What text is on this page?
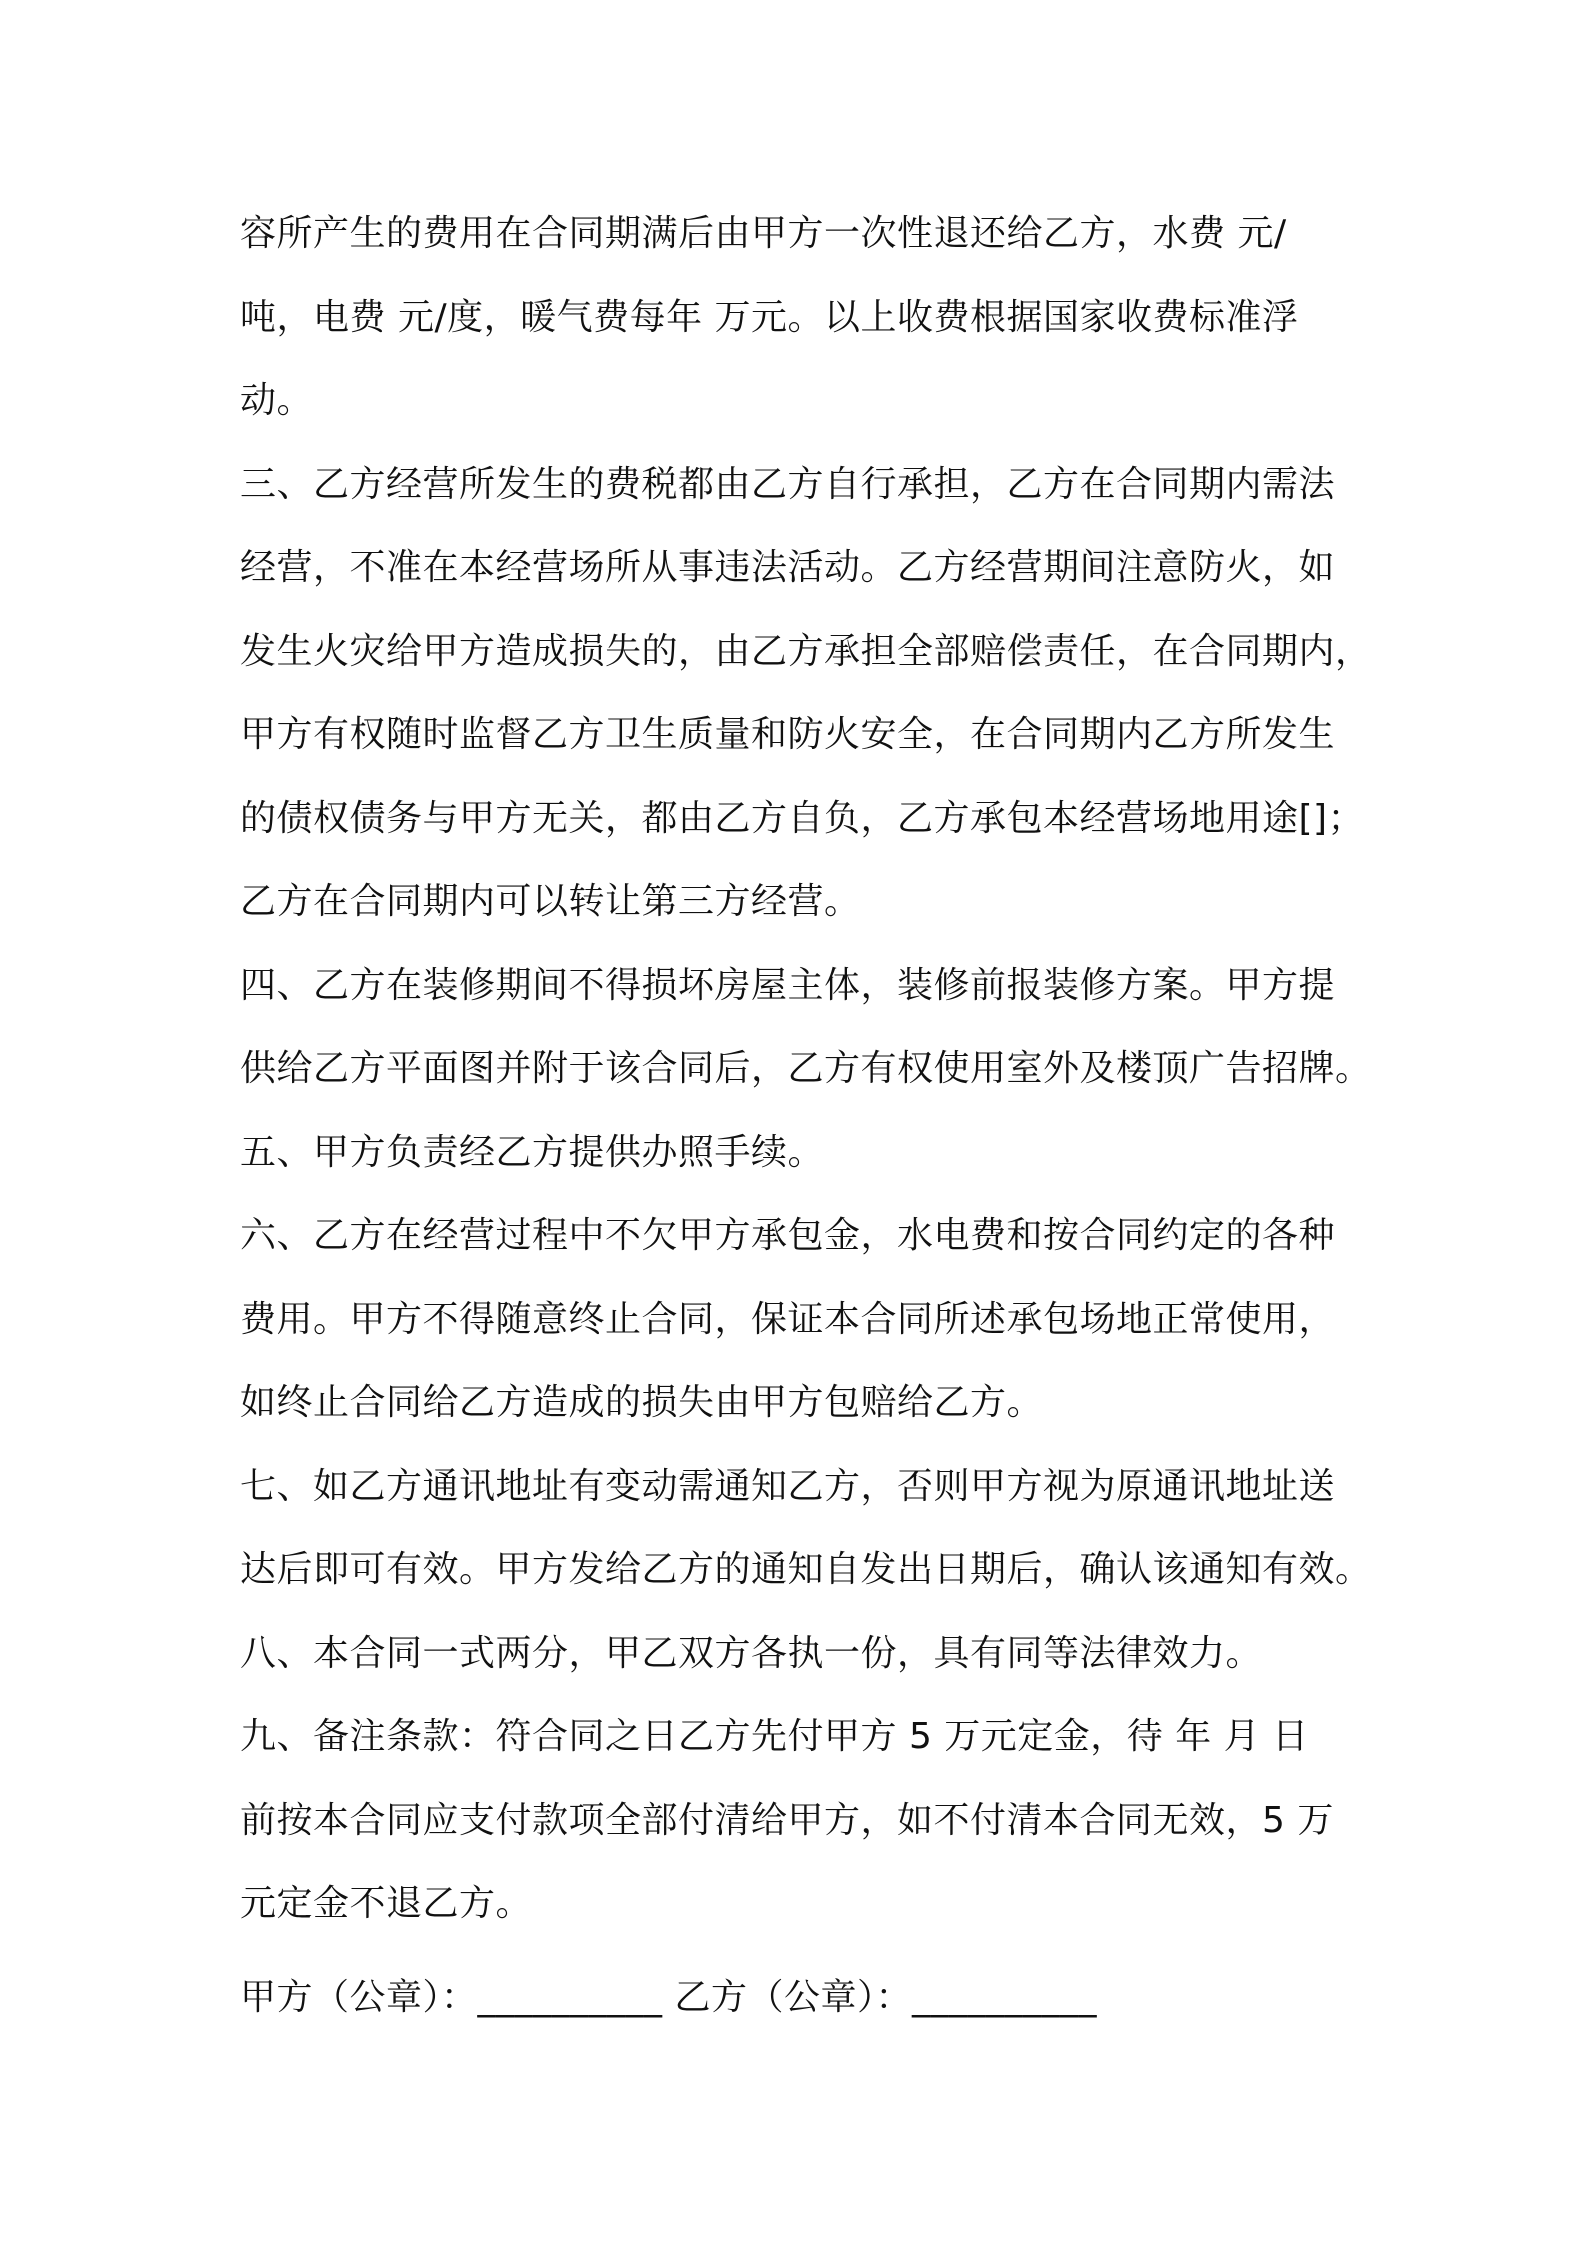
容所产生的费用在合同期满后由甲方一次性退还给乙方，水费 元/
吨，电费 元/度，暖气费每年 万元。以上收费根据国家收费标准浮
动。
三、乙方经营所发生的费税都由乙方自行承担，乙方在合同期内需法
经营，不准在本经营场所从事违法活动。乙方经营期间注意防火，如
发生火灾给甲方造成损失的，由乙方承担全部赔偿责任，在合同期内，
甲方有权随时监督乙方卫生质量和防火安全，在合同期内乙方所发生
的债权债务与甲方无关，都由乙方自负，乙方承包本经营场地用途[]；
乙方在合同期内可以转让第三方经营。
四、乙方在装修期间不得损坏房屋主体，装修前报装修方案。甲方提
供给乙方平面图并附于该合同后，乙方有权使用室外及楼顶广告招牌。
五、甲方负责经乙方提供办照手续。
六、乙方在经营过程中不欠甲方承包金，水电费和按合同约定的各种
费用。甲方不得随意终止合同，保证本合同所述承包场地正常使用，
如终止合同给乙方造成的损失由甲方包赔给乙方。
七、如乙方通讯地址有变动需通知乙方，否则甲方视为原通讯地址送
达后即可有效。甲方发给乙方的通知自发出日期后，确认该通知有效。
八、本合同一式两分，甲乙双方各执一份，具有同等法律效力。
九、备注条款：符合同之日乙方先付甲方 5 万元定金，待 年 月 日
前按本合同应支付款项全部付清给甲方，如不付清本合同无效，5 万
元定金不退乙方。
甲方（公章）：__________ 乙方（公章）：__________
